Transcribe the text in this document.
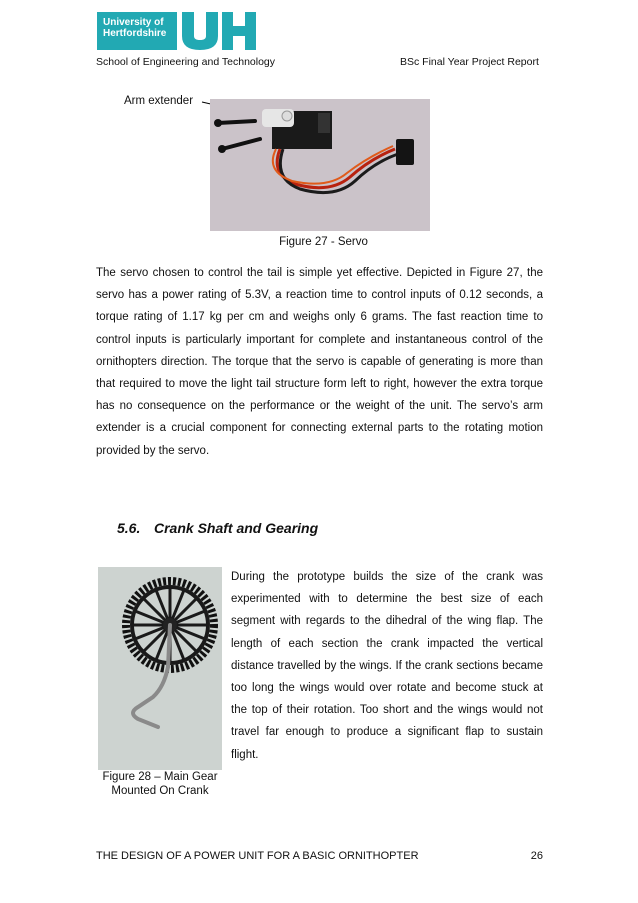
University of
Hertfordshire
School of Engineering and Technology	BSc Final Year Project Report
Arm extender
Figure 27 - Servo
The servo chosen to control the tail is simple yet effective. Depicted in Figure 27, the servo has a power rating of 5.3V, a reaction time to control inputs of 0.12 seconds, a torque rating of 1.17 kg per cm and weighs only 6 grams. The fast reaction time to control inputs is particularly important for complete and instantaneous control of the ornithopters direction. The torque that the servo is capable of generating is more than that required to move the light tail structure form left to right, however the extra torque has no consequence on the performance or the weight of the unit. The servo’s arm extender is a crucial component for connecting external parts to the rotating motion provided by the servo.
5.6. Crank Shaft and Gearing
Figure 28 – Main Gear Mounted On Crank
During the prototype builds the size of the crank was experimented with to determine the best size of each segment with regards to the dihedral of the wing flap. The length of each section the crank impacted the vertical distance travelled by the wings. If the crank sections became too long the wings would over rotate and become stuck at the top of their rotation. Too short and the wings would not travel far enough to produce a significant flap to sustain flight.
THE DESIGN OF A POWER UNIT FOR A BASIC ORNITHOPTER	26
